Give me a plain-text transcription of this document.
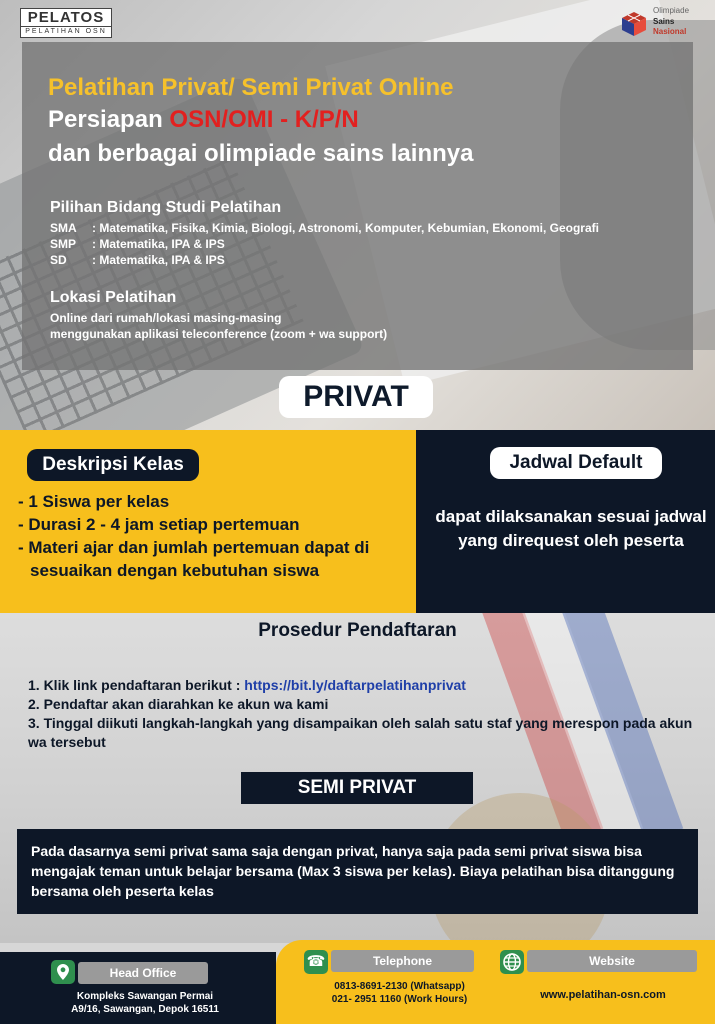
PELATOS
PELATIHAN OSN
Olimpiade
Sains
Nasional
Pelatihan Privat/ Semi Privat Online
Persiapan OSN/OMI - K/P/N
dan berbagai olimpiade sains lainnya
Pilihan Bidang Studi Pelatihan
SMA : Matematika, Fisika, Kimia, Biologi, Astronomi, Komputer, Kebumian, Ekonomi, Geografi
SMP : Matematika, IPA & IPS
SD : Matematika, IPA & IPS
Lokasi Pelatihan
Online dari rumah/lokasi masing-masing
menggunakan aplikasi teleconference (zoom + wa support)
PRIVAT
Deskripsi Kelas
- 1 Siswa per kelas
- Durasi 2 - 4 jam setiap pertemuan
- Materi ajar dan jumlah pertemuan dapat di sesuaikan dengan kebutuhan siswa
Jadwal Default
dapat dilaksanakan sesuai jadwal yang direquest oleh peserta
Prosedur Pendaftaran
1. Klik link pendaftaran berikut : https://bit.ly/daftarpelatihanprivat
2. Pendaftar akan diarahkan ke akun wa kami
3. Tinggal diikuti langkah-langkah yang disampaikan oleh salah satu staf yang merespon pada akun wa tersebut
SEMI PRIVAT
Pada dasarnya semi privat sama saja dengan privat, hanya saja pada semi privat siswa bisa mengajak teman untuk belajar bersama (Max 3 siswa per kelas). Biaya pelatihan bisa ditanggung bersama oleh peserta kelas
Head Office
Kompleks Sawangan Permai
A9/16, Sawangan, Depok 16511
☎	Telephone
0813-8691-2130 (Whatsapp)
021- 2951 1160 (Work Hours)
Website
www.pelatihan-osn.com
